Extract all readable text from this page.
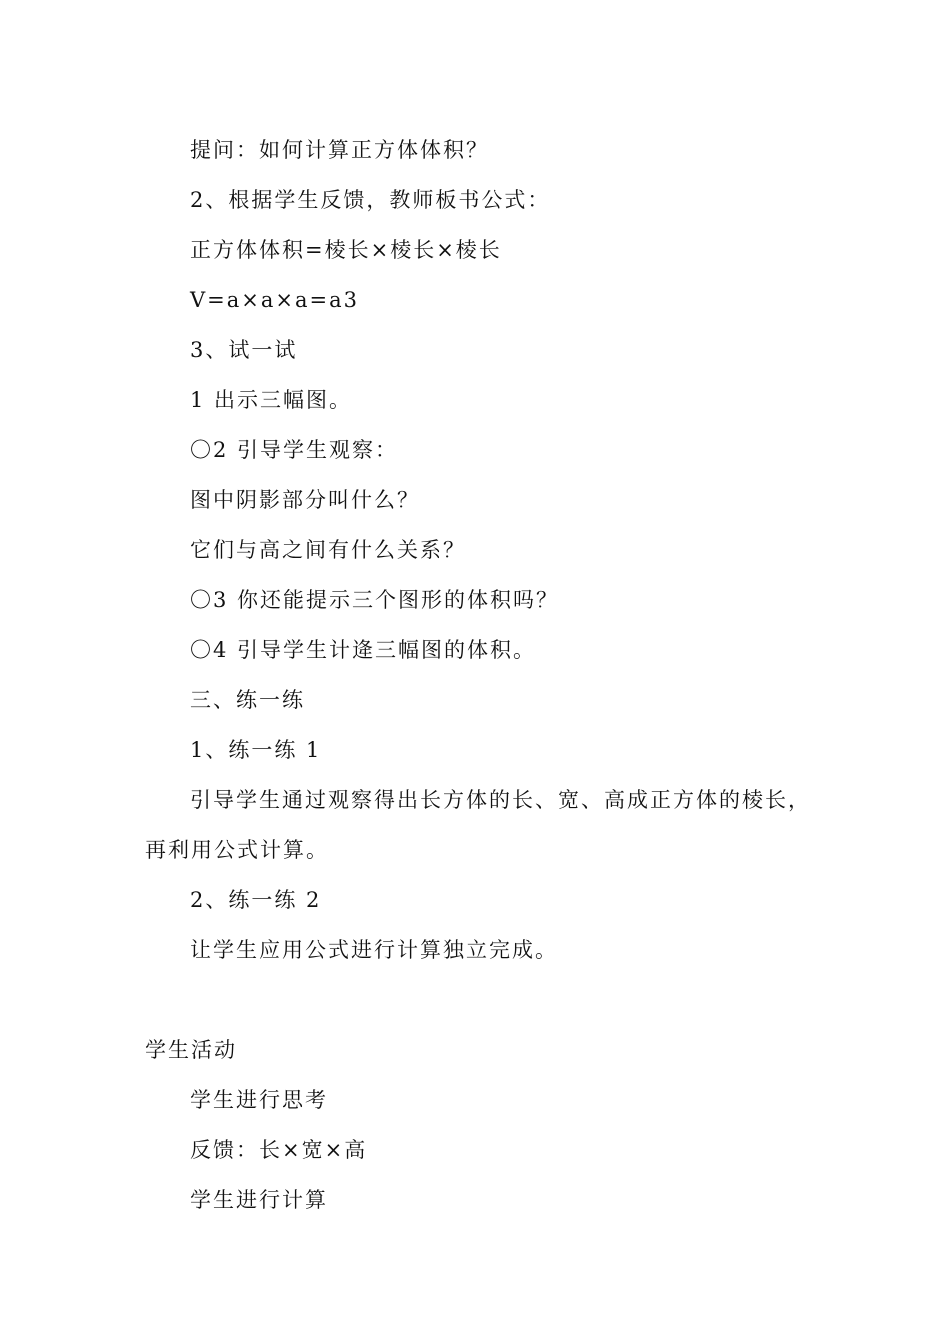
提问：如何计算正方体体积？
2、根据学生反馈，教师板书公式：
正方体体积=棱长×棱长×棱长
V=a×a×a=a3
3、试一试
1 出示三幅图。
〇2 引导学生观察：
图中阴影部分叫什么？
它们与高之间有什么关系？
〇3 你还能提示三个图形的体积吗？
〇4 引导学生计逄三幅图的体积。
三、练一练
1、练一练 1
引导学生通过观察得出长方体的长、宽、高成正方体的棱长，
再利用公式计算。
2、练一练 2
让学生应用公式进行计算独立完成。
学生活动
学生进行思考
反馈：长×宽×高
学生进行计算
